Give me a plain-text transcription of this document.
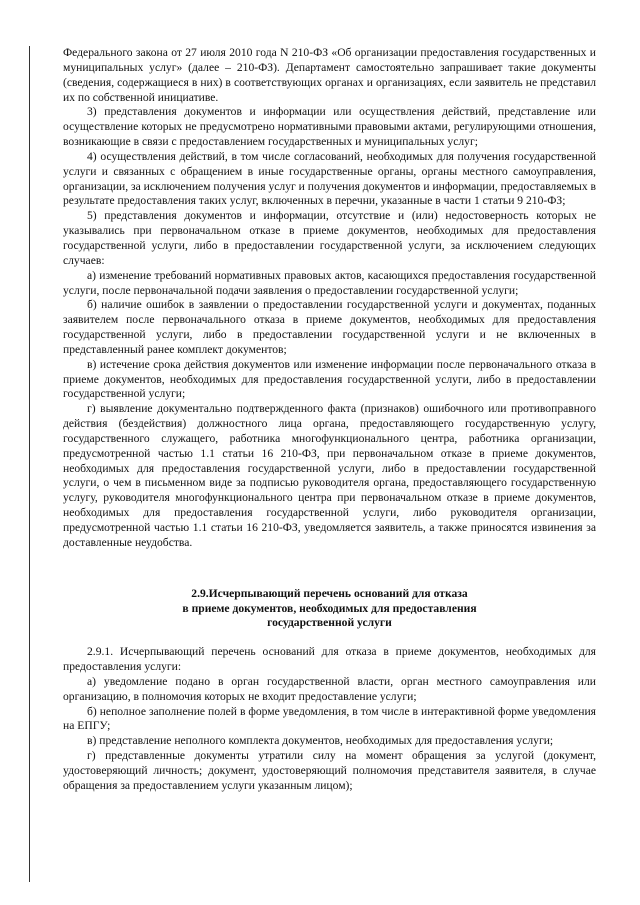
Федерального закона от 27 июля 2010 года N 210-ФЗ «Об организации предоставления государственных и муниципальных услуг» (далее – 210-ФЗ). Департамент самостоятельно запрашивает такие документы (сведения, содержащиеся в них) в соответствующих органах и организациях, если заявитель не представил их по собственной инициативе.

3) представления документов и информации или осуществления действий, представление или осуществление которых не предусмотрено нормативными правовыми актами, регулирующими отношения, возникающие в связи с предоставлением государственных и муниципальных услуг;

4) осуществления действий, в том числе согласований, необходимых для получения государственной услуги и связанных с обращением в иные государственные органы, органы местного самоуправления, организации, за исключением получения услуг и получения документов и информации, предоставляемых в результате предоставления таких услуг, включенных в перечни, указанные в части 1 статьи 9 210-ФЗ;

5) представления документов и информации, отсутствие и (или) недостоверность которых не указывались при первоначальном отказе в приеме документов, необходимых для предоставления государственной услуги, либо в предоставлении государственной услуги, за исключением следующих случаев:

а) изменение требований нормативных правовых актов, касающихся предоставления государственной услуги, после первоначальной подачи заявления о предоставлении государственной услуги;

б) наличие ошибок в заявлении о предоставлении государственной услуги и документах, поданных заявителем после первоначального отказа в приеме документов, необходимых для предоставления государственной услуги, либо в предоставлении государственной услуги и не включенных в представленный ранее комплект документов;

в) истечение срока действия документов или изменение информации после первоначального отказа в приеме документов, необходимых для предоставления государственной услуги, либо в предоставлении государственной услуги;

г) выявление документально подтвержденного факта (признаков) ошибочного или противоправного действия (бездействия) должностного лица органа, предоставляющего государственную услугу, государственного служащего, работника многофункционального центра, работника организации, предусмотренной частью 1.1 статьи 16 210-ФЗ, при первоначальном отказе в приеме документов, необходимых для предоставления государственной услуги, либо в предоставлении государственной услуги, о чем в письменном виде за подписью руководителя органа, предоставляющего государственную услугу, руководителя многофункционального центра при первоначальном отказе в приеме документов, необходимых для предоставления государственной услуги, либо руководителя организации, предусмотренной частью 1.1 статьи 16 210-ФЗ, уведомляется заявитель, а также приносятся извинения за доставленные неудобства.

2.9.Исчерпывающий перечень оснований для отказа

в приеме документов, необходимых для предоставления

государственной услуги

2.9.1. Исчерпывающий перечень оснований для отказа в приеме документов, необходимых для предоставления услуги:

а) уведомление подано в орган государственной власти, орган местного самоуправления или организацию, в полномочия которых не входит предоставление услуги;

б) неполное заполнение полей в форме уведомления, в том числе в интерактивной форме уведомления на ЕПГУ;

в) представление неполного комплекта документов, необходимых для предоставления услуги;

г) представленные документы утратили силу на момент обращения за услугой (документ, удостоверяющий личность; документ, удостоверяющий полномочия представителя заявителя, в случае обращения за предоставлением услуги указанным лицом);
